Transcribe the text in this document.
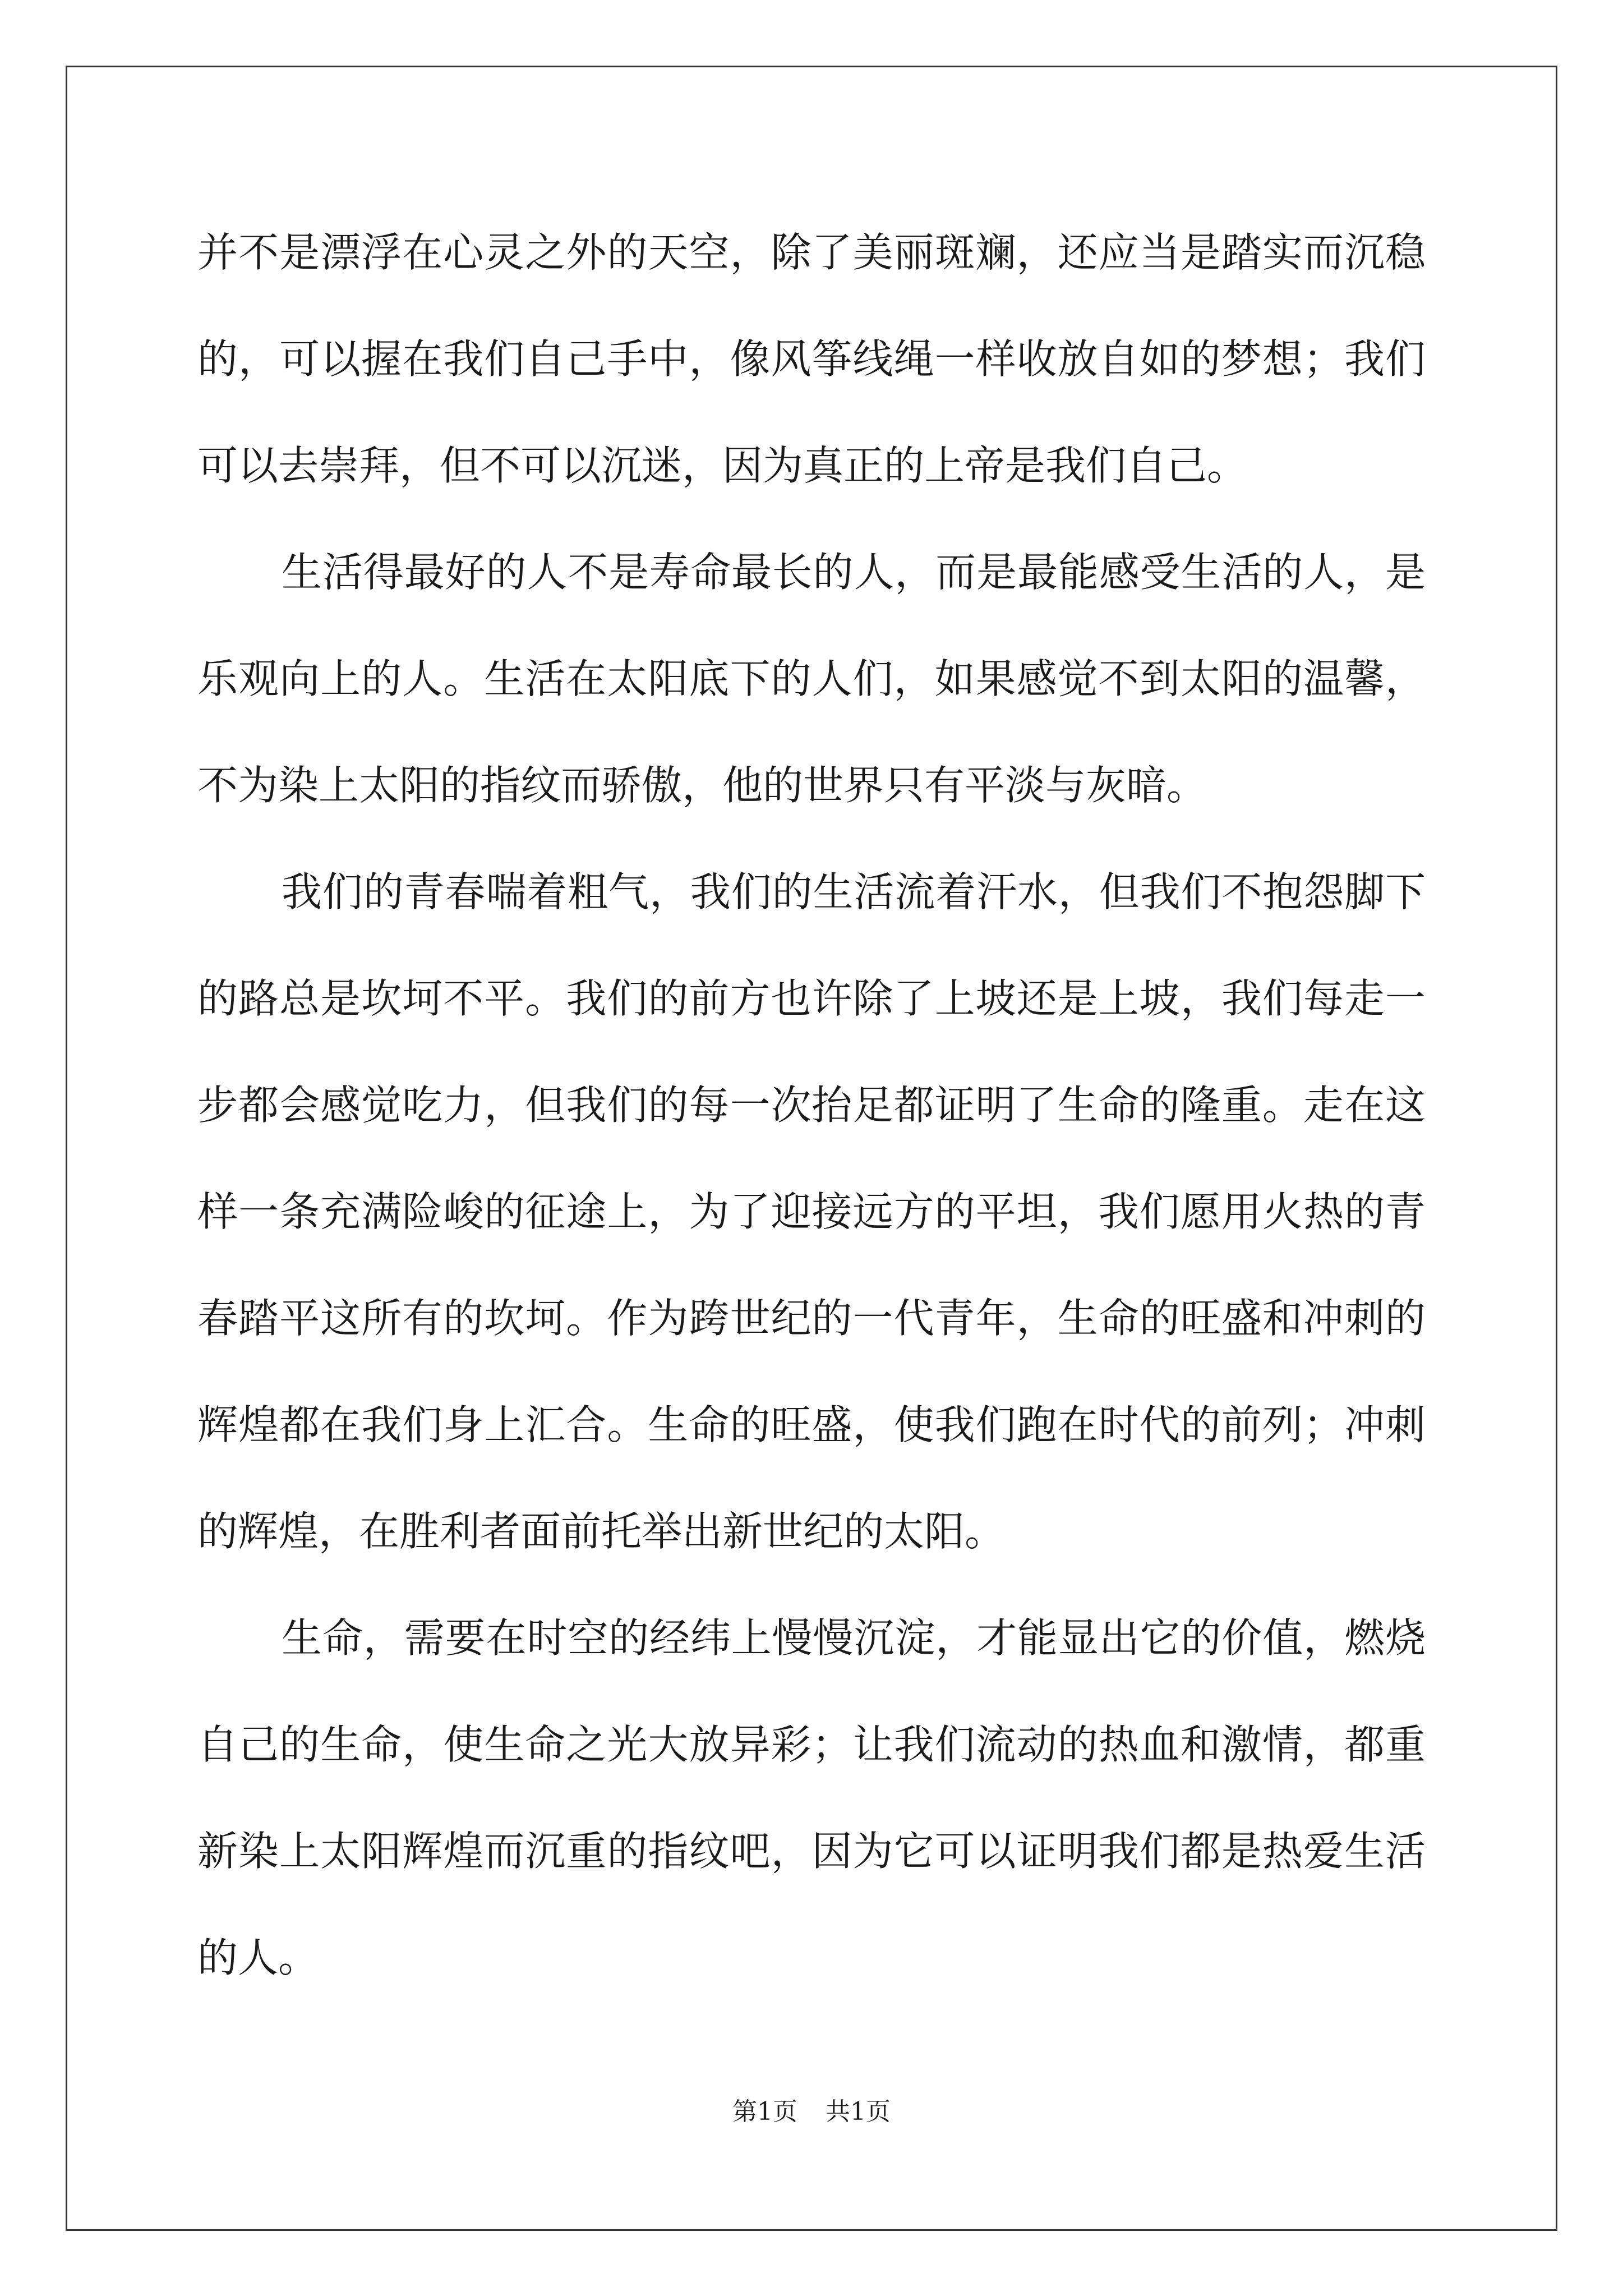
并不是漂浮在心灵之外的天空，除了美丽斑斓，还应当是踏实而沉稳
的，可以握在我们自己手中，像风筝线绳一样收放自如的梦想；我们
可以去崇拜，但不可以沉迷，因为真正的上帝是我们自己。
生活得最好的人不是寿命最长的人，而是最能感受生活的人，是
乐观向上的人。生活在太阳底下的人们，如果感觉不到太阳的温馨，
不为染上太阳的指纹而骄傲，他的世界只有平淡与灰暗。
我们的青春喘着粗气，我们的生活流着汗水，但我们不抱怨脚下
的路总是坎坷不平。我们的前方也许除了上坡还是上坡，我们每走一
步都会感觉吃力，但我们的每一次抬足都证明了生命的隆重。走在这
样一条充满险峻的征途上，为了迎接远方的平坦，我们愿用火热的青
春踏平这所有的坎坷。作为跨世纪的一代青年，生命的旺盛和冲刺的
辉煌都在我们身上汇合。生命的旺盛，使我们跑在时代的前列；冲刺
的辉煌，在胜利者面前托举出新世纪的太阳。
生命，需要在时空的经纬上慢慢沉淀，才能显出它的价值，燃烧
自己的生命，使生命之光大放异彩；让我们流动的热血和激情，都重
新染上太阳辉煌而沉重的指纹吧，因为它可以证明我们都是热爱生活
的人。
第1页 共1页
